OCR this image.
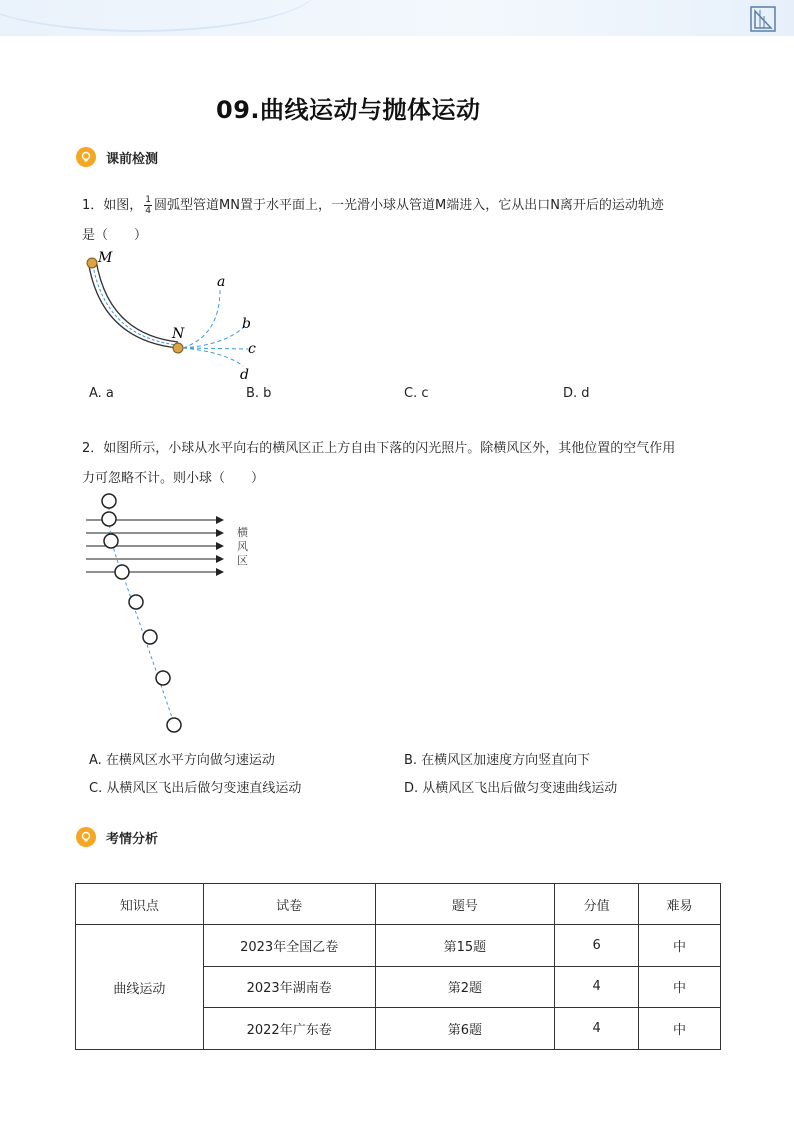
09.曲线运动与抛体运动
课前检测
1．如图， $\frac{1}{4}$ 圆弧型管道MN置于水平面上，一光滑小球从管道M端进入，它从出口N离开后的运动轨迹
是（　　）
M
N
a
b
c
d
A. a	B. b	C. c	D. d
2．如图所示，小球从水平向右的横风区正上方自由下落的闪光照片。除横风区外，其他位置的空气作用
力可忽略不计。则小球（　　）
横
风
区
A. 在横风区水平方向做匀速运动	B. 在横风区加速度方向竖直向下
C. 从横风区飞出后做匀变速直线运动	D. 从横风区飞出后做匀变速曲线运动
考情分析
知识点	试卷	题号	分值	难易
曲线运动	2023年全国乙卷	第15题	6	中
	2023年湖南卷	第2题	4	中
	2022年广东卷	第6题	4	中
